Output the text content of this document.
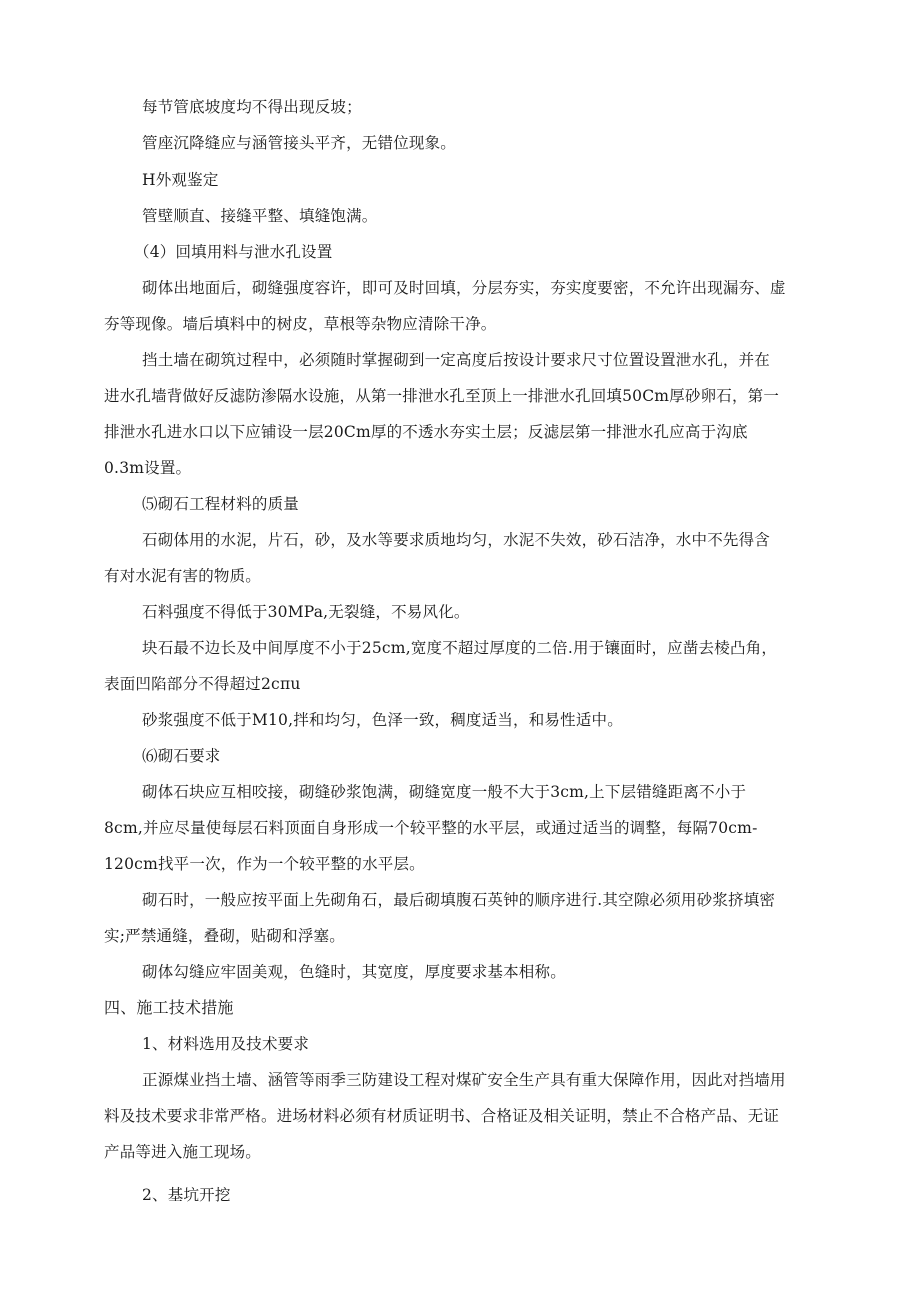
每节管底坡度均不得出现反坡；
管座沉降缝应与涵管接头平齐，无错位现象。
H外观鉴定
管壁顺直、接缝平整、填缝饱满。
（4）回填用料与泄水孔设置
砌体出地面后，砌缝强度容许，即可及时回填，分层夯实，夯实度要密，不允许出现漏夯、虚
夯等现像。墙后填料中的树皮，草根等杂物应清除干净。
挡土墙在砌筑过程中，必须随时掌握砌到一定高度后按设计要求尺寸位置设置泄水孔，并在
进水孔墙背做好反滤防渗隔水设施，从第一排泄水孔至顶上一排泄水孔回填50Cm厚砂卵石，第一
排泄水孔进水口以下应铺设一层20Cm厚的不透水夯实土层；反滤层第一排泄水孔应高于沟底
0.3m设置。
⑸砌石工程材料的质量
石砌体用的水泥，片石，砂，及水等要求质地均匀，水泥不失效，砂石洁净，水中不先得含
有对水泥有害的物质。
石料强度不得低于30MPa,无裂缝，不易风化。
块石最不边长及中间厚度不小于25cm,宽度不超过厚度的二倍.用于镶面时，应凿去棱凸角，
表面凹陷部分不得超过2cπu
砂浆强度不低于M10,拌和均匀，色泽一致，稠度适当，和易性适中。
⑹砌石要求
砌体石块应互相咬接，砌缝砂浆饱满，砌缝宽度一般不大于3cm,上下层错缝距离不小于
8cm,并应尽量使每层石料顶面自身形成一个较平整的水平层，或通过适当的调整，每隔70cm-
120cm找平一次，作为一个较平整的水平层。
砌石时，一般应按平面上先砌角石，最后砌填腹石英钟的顺序进行.其空隙必须用砂浆挤填密
实;严禁通缝，叠砌，贴砌和浮塞。
砌体勾缝应牢固美观，色缝时，其宽度，厚度要求基本相称。
四、施工技术措施
1、材料选用及技术要求
正源煤业挡土墙、涵管等雨季三防建设工程对煤矿安全生产具有重大保障作用，因此对挡墙用
料及技术要求非常严格。进场材料必须有材质证明书、合格证及相关证明，禁止不合格产品、无证
产品等进入施工现场。
2、基坑开挖
